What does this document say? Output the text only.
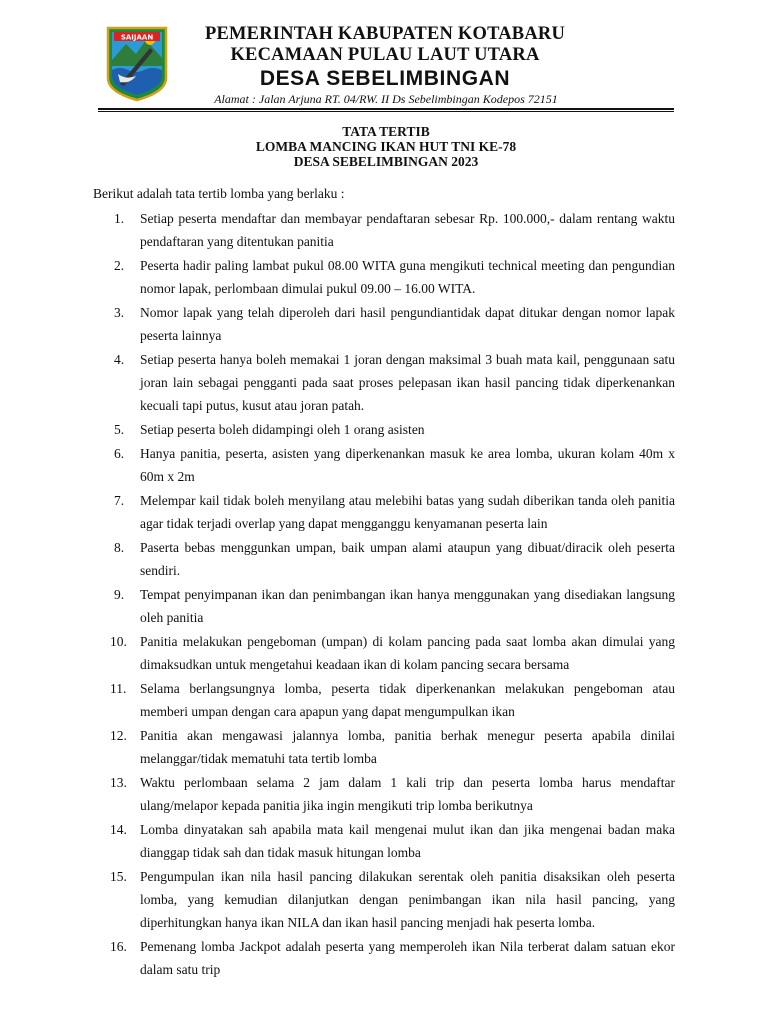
SAIJAAN	PEMERINTAH KABUPATEN KOTABARU
KECAMAAN PULAU LAUT UTARA
DESA SEBELIMBINGAN
Alamat : Jalan Arjuna RT. 04/RW. II Ds Sebelimbingan Kodepos 72151
TATA TERTIB
LOMBA MANCING IKAN HUT TNI KE-78
DESA SEBELIMBINGAN 2023
Berikut adalah tata tertib lomba yang berlaku :
1.	Setiap peserta mendaftar dan membayar pendaftaran sebesar Rp. 100.000,- dalam rentang waktu pendaftaran yang ditentukan panitia
2.	Peserta hadir paling lambat pukul 08.00 WITA guna mengikuti technical meeting dan pengundian nomor lapak, perlombaan dimulai pukul 09.00 – 16.00 WITA.
3.	Nomor lapak yang telah diperoleh dari hasil pengundiantidak dapat ditukar dengan nomor lapak peserta lainnya
4.	Setiap peserta hanya boleh memakai 1 joran dengan maksimal 3 buah mata kail, penggunaan satu joran lain sebagai pengganti pada saat proses pelepasan ikan hasil pancing tidak diperkenankan kecuali tapi putus, kusut atau joran patah.
5.	Setiap peserta boleh didampingi oleh 1 orang asisten
6.	Hanya panitia, peserta, asisten yang diperkenankan masuk ke area lomba, ukuran kolam 40m x 60m x 2m
7.	Melempar kail tidak boleh menyilang atau melebihi batas yang sudah diberikan tanda oleh panitia agar tidak terjadi overlap yang dapat mengganggu kenyamanan peserta lain
8.	Paserta bebas menggunkan umpan, baik umpan alami ataupun yang dibuat/diracik oleh peserta sendiri.
9.	Tempat penyimpanan ikan dan penimbangan ikan hanya menggunakan yang disediakan langsung oleh panitia
10. Panitia melakukan pengeboman (umpan) di kolam pancing pada saat lomba akan dimulai yang dimaksudkan untuk mengetahui keadaan ikan di kolam pancing secara bersama
11.	Selama berlangsungnya lomba, peserta tidak diperkenankan melakukan pengeboman atau memberi umpan dengan cara apapun yang dapat mengumpulkan ikan
12. Panitia akan mengawasi jalannya lomba, panitia berhak menegur peserta apabila dinilai melanggar/tidak mematuhi tata tertib lomba
13. Waktu perlombaan selama 2 jam dalam 1 kali trip dan peserta lomba harus mendaftar ulang/melapor kepada panitia jika ingin mengikuti trip lomba berikutnya
14. Lomba dinyatakan sah apabila mata kail mengenai mulut ikan dan jika mengenai badan maka dianggap tidak sah dan tidak masuk hitungan lomba
15. Pengumpulan ikan nila hasil pancing dilakukan serentak oleh panitia disaksikan oleh peserta lomba, yang kemudian dilanjutkan dengan penimbangan ikan nila hasil pancing, yang diperhitungkan hanya ikan NILA dan ikan hasil pancing menjadi hak peserta lomba.
16. Pemenang lomba Jackpot adalah peserta yang memperoleh ikan Nila terberat dalam satuan ekor dalam satu trip
